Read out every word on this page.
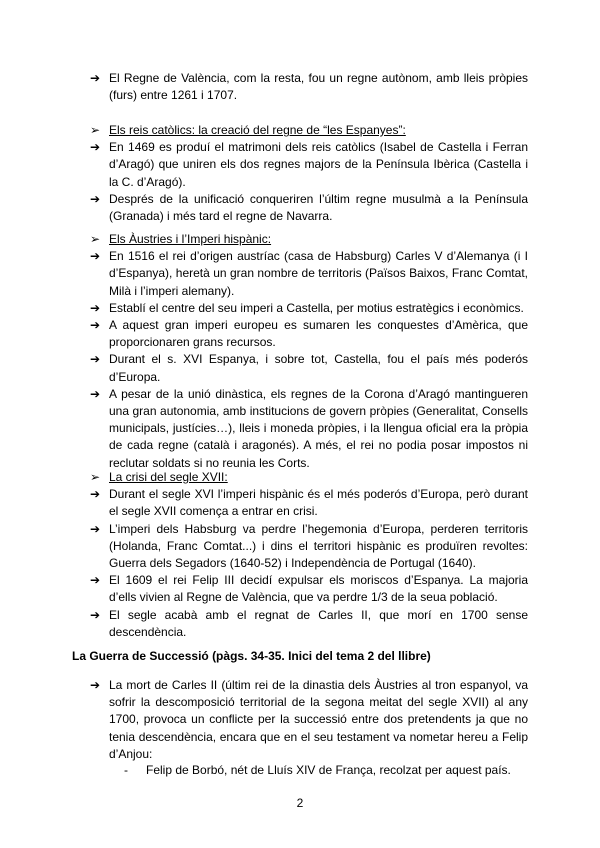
➔ El Regne de València, com la resta, fou un regne autònom, amb lleis pròpies (furs) entre 1261 i 1707.
➢ Els reis catòlics: la creació del regne de “les Espanyes”:
➔ En 1469 es produí el matrimoni dels reis catòlics (Isabel de Castella i Ferran d’Aragó) que uniren els dos regnes majors de la Península Ibèrica (Castella i la C. d’Aragó).
➔ Després de la unificació conqueriren l’últim regne musulmà a la Península (Granada) i més tard el regne de Navarra.
➢ Els Àustries i l’Imperi hispànic:
➔ En 1516 el rei d’origen austríac (casa de Habsburg) Carles V d’Alemanya (i I d’Espanya), heretà un gran nombre de territoris (Països Baixos, Franc Comtat, Milà i l’imperi alemany).
➔ Establí el centre del seu imperi a Castella, per motius estratègics i econòmics.
➔ A aquest gran imperi europeu es sumaren les conquestes d’Amèrica, que proporcionaren grans recursos.
➔ Durant el s. XVI Espanya, i sobre tot, Castella, fou el país més poderós d’Europa.
➔ A pesar de la unió dinàstica, els regnes de la Corona d’Aragó mantingueren una gran autonomia, amb institucions de govern pròpies (Generalitat, Consells municipals, justícies…), lleis i moneda pròpies, i la llengua oficial era la pròpia de cada regne (català i aragonés). A més, el rei no podia posar impostos ni reclutar soldats si no reunia les Corts.
➢ La crisi del segle XVII:
➔ Durant el segle XVI l’imperi hispànic és el més poderós d’Europa, però durant el segle XVII comença a entrar en crisi.
➔ L’imperi dels Habsburg va perdre l’hegemonia d’Europa, perderen territoris (Holanda, Franc Comtat...) i dins el territori hispànic es produïren revoltes: Guerra dels Segadors (1640-52) i Independència de Portugal (1640).
➔ El 1609 el rei Felip III decidí expulsar els moriscos d’Espanya. La majoria d’ells vivien al Regne de València, que va perdre 1/3 de la seua població.
➔ El segle acabà amb el regnat de Carles II, que morí en 1700 sense descendència.
La Guerra de Successió (pàgs. 34-35. Inici del tema 2 del llibre)
➔ La mort de Carles II (últim rei de la dinastia dels Àustries al tron espanyol, va sofrir la descomposició territorial de la segona meitat del segle XVII) al any 1700, provoca un conflicte per la successió entre dos pretendents ja que no tenia descendència, encara que en el seu testament va nometar hereu a Felip d’Anjou:
- Felip de Borbó, nét de Lluís XIV de França, recolzat per aquest país.
2
